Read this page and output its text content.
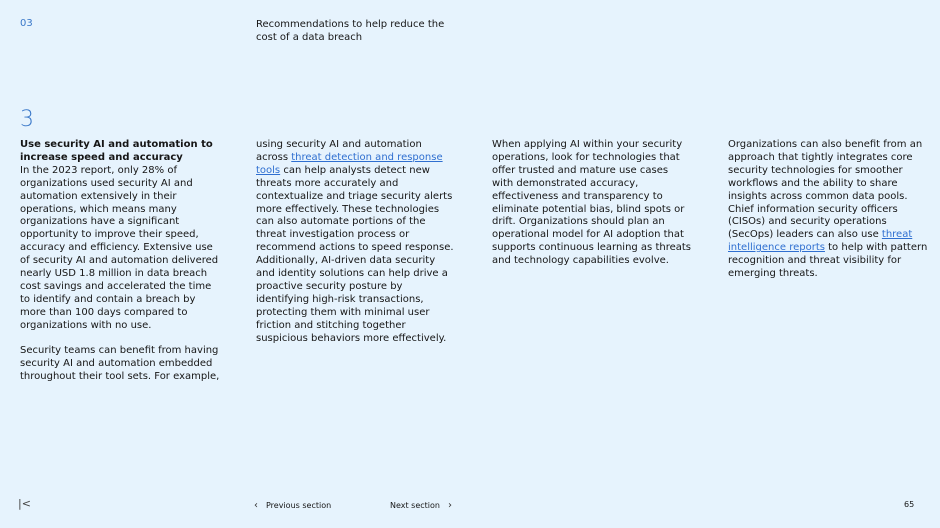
03	Recommendations to help reduce the cost of a data breach
3

Use security AI and automation to increase speed and accuracy

In the 2023 report, only 28% of organizations used security AI and automation extensively in their operations, which means many organizations have a significant opportunity to improve their speed, accuracy and efficiency. Extensive use of security AI and automation delivered nearly USD 1.8 million in data breach cost savings and accelerated the time to identify and contain a breach by more than 100 days compared to organizations with no use.

Security teams can benefit from having security AI and automation embedded throughout their tool sets. For example,

using security AI and automation across threat detection and response tools can help analysts detect new threats more accurately and contextualize and triage security alerts more effectively. These technologies can also automate portions of the threat investigation process or recommend actions to speed response. Additionally, AI-driven data security and identity solutions can help drive a proactive security posture by identifying high-risk transactions, protecting them with minimal user friction and stitching together suspicious behaviors more effectively.

When applying AI within your security operations, look for technologies that offer trusted and mature use cases with demonstrated accuracy, effectiveness and transparency to eliminate potential bias, blind spots or drift. Organizations should plan an operational model for AI adoption that supports continuous learning as threats and technology capabilities evolve.

Organizations can also benefit from an approach that tightly integrates core security technologies for smoother workflows and the ability to share insights across common data pools. Chief information security officers (CISOs) and security operations (SecOps) leaders can also use threat intelligence reports to help with pattern recognition and threat visibility for emerging threats.

|<	‹ Previous section	Next section ›	65
